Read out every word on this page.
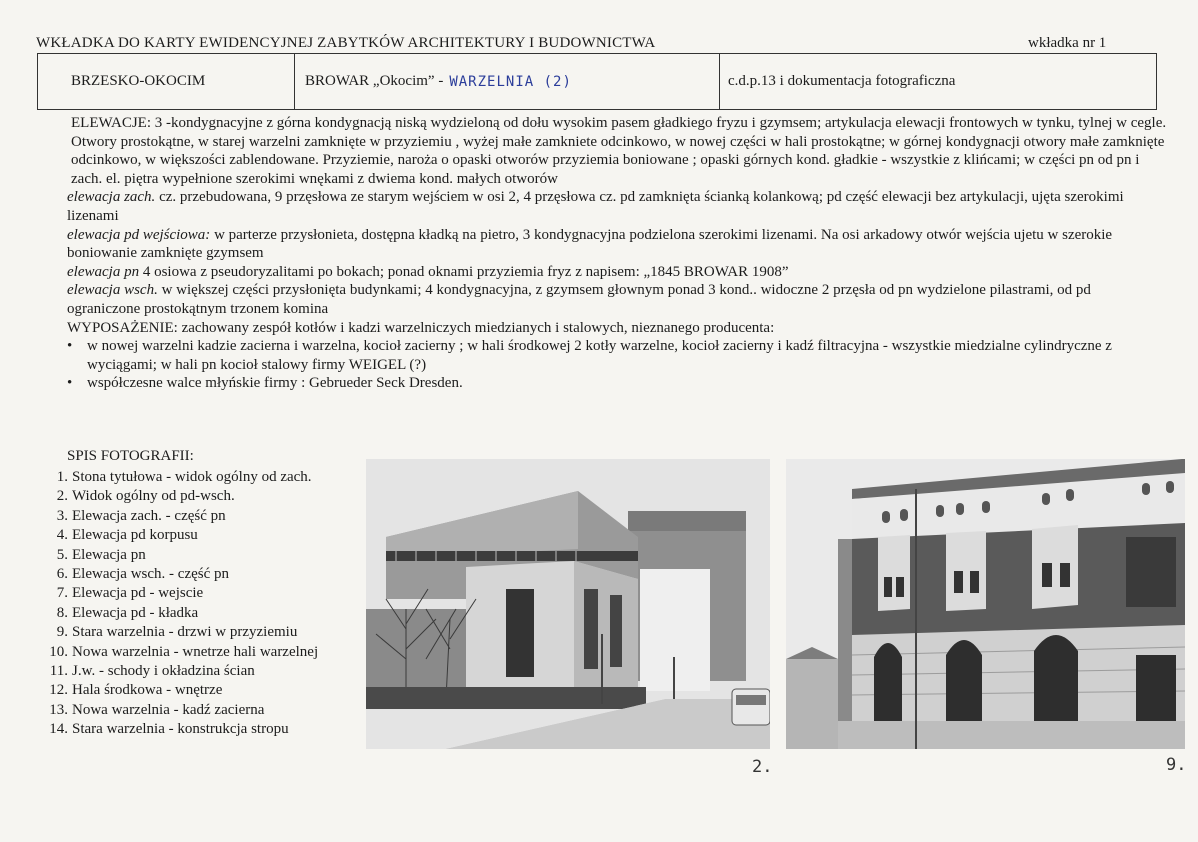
WKŁADKA DO KARTY EWIDENCYJNEJ ZABYTKÓW ARCHITEKTURY I BUDOWNICTWA	wkładka nr 1
BRZESKO-OKOCIM	BROWAR „Okocim” - WARZELNIA (2)	c.d.p.13 i dokumentacja fotograficzna

ELEWACJE: 3 -kondygnacyjne z górna kondygnacją niską wydzieloną od dołu wysokim pasem gładkiego fryzu i gzymsem; artykulacja elewacji frontowych w tynku, tylnej w cegle. Otwory prostokątne, w starej warzelni zamknięte w przyziemiu , wyżej małe zamkniete odcinkowo, w nowej części w hali prostokątne; w górnej kondygnacji otwory małe zamknięte odcinkowo, w większości zablendowane. Przyziemie, naroża o opaski otworów przyziemia boniowane ; opaski górnych kond. gładkie - wszystkie z klińcami; w części pn od pn i zach. el. piętra wypełnione szerokimi wnękami z dwiema kond. małych otworów

elewacja zach. cz. przebudowana, 9 przęsłowa ze starym wejściem w osi 2, 4 przęsłowa cz. pd zamknięta ścianką kolankową; pd część elewacji bez artykulacji, ujęta szerokimi lizenami

elewacja pd wejściowa: w parterze przysłonieta, dostępna kładką na pietro, 3 kondygnacyjna podzielona szerokimi lizenami. Na osi arkadowy otwór wejścia ujetu w szerokie boniowanie zamknięte gzymsem

elewacja pn 4 osiowa z pseudoryzalitami po bokach; ponad oknami przyziemia fryz z napisem: „1845 BROWAR 1908”

elewacja wsch. w większej części przysłonięta budynkami; 4 kondygnacyjna, z gzymsem głownym ponad 3 kond.. widoczne 2 przęsła od pn wydzielone pilastrami, od pd ograniczone prostokątnym trzonem komina

WYPOSAŻENIE: zachowany zespół kotłów i kadzi warzelniczych miedzianych i stalowych, nieznanego producenta:

• w nowej warzelni kadzie zacierna i warzelna, kocioł zacierny ; w hali środkowej 2 kotły warzelne, kocioł zacierny i kadź filtracyjna - wszystkie miedzialne cylindryczne z wyciągami; w hali pn kocioł stalowy firmy WEIGEL (?)
• współczesne walce młyńskie firmy : Gebrueder Seck Dresden.
SPIS FOTOGRAFII:
1. Stona tytułowa - widok ogólny od zach.
2. Widok ogólny od pd-wsch.
3. Elewacja zach. - część pn
4. Elewacja pd korpusu
5. Elewacja pn
6. Elewacja wsch. - część pn
7. Elewacja pd - wejscie
8. Elewacja pd - kładka
9. Stara warzelnia - drzwi w przyziemiu
10. Nowa warzelnia - wnetrze hali warzelnej
11. J.w. - schody i okładzina ścian
12. Hala środkowa - wnętrze
13. Nowa warzelnia - kadź zacierna
14. Stara warzelnia - konstrukcja stropu
2.	9.
